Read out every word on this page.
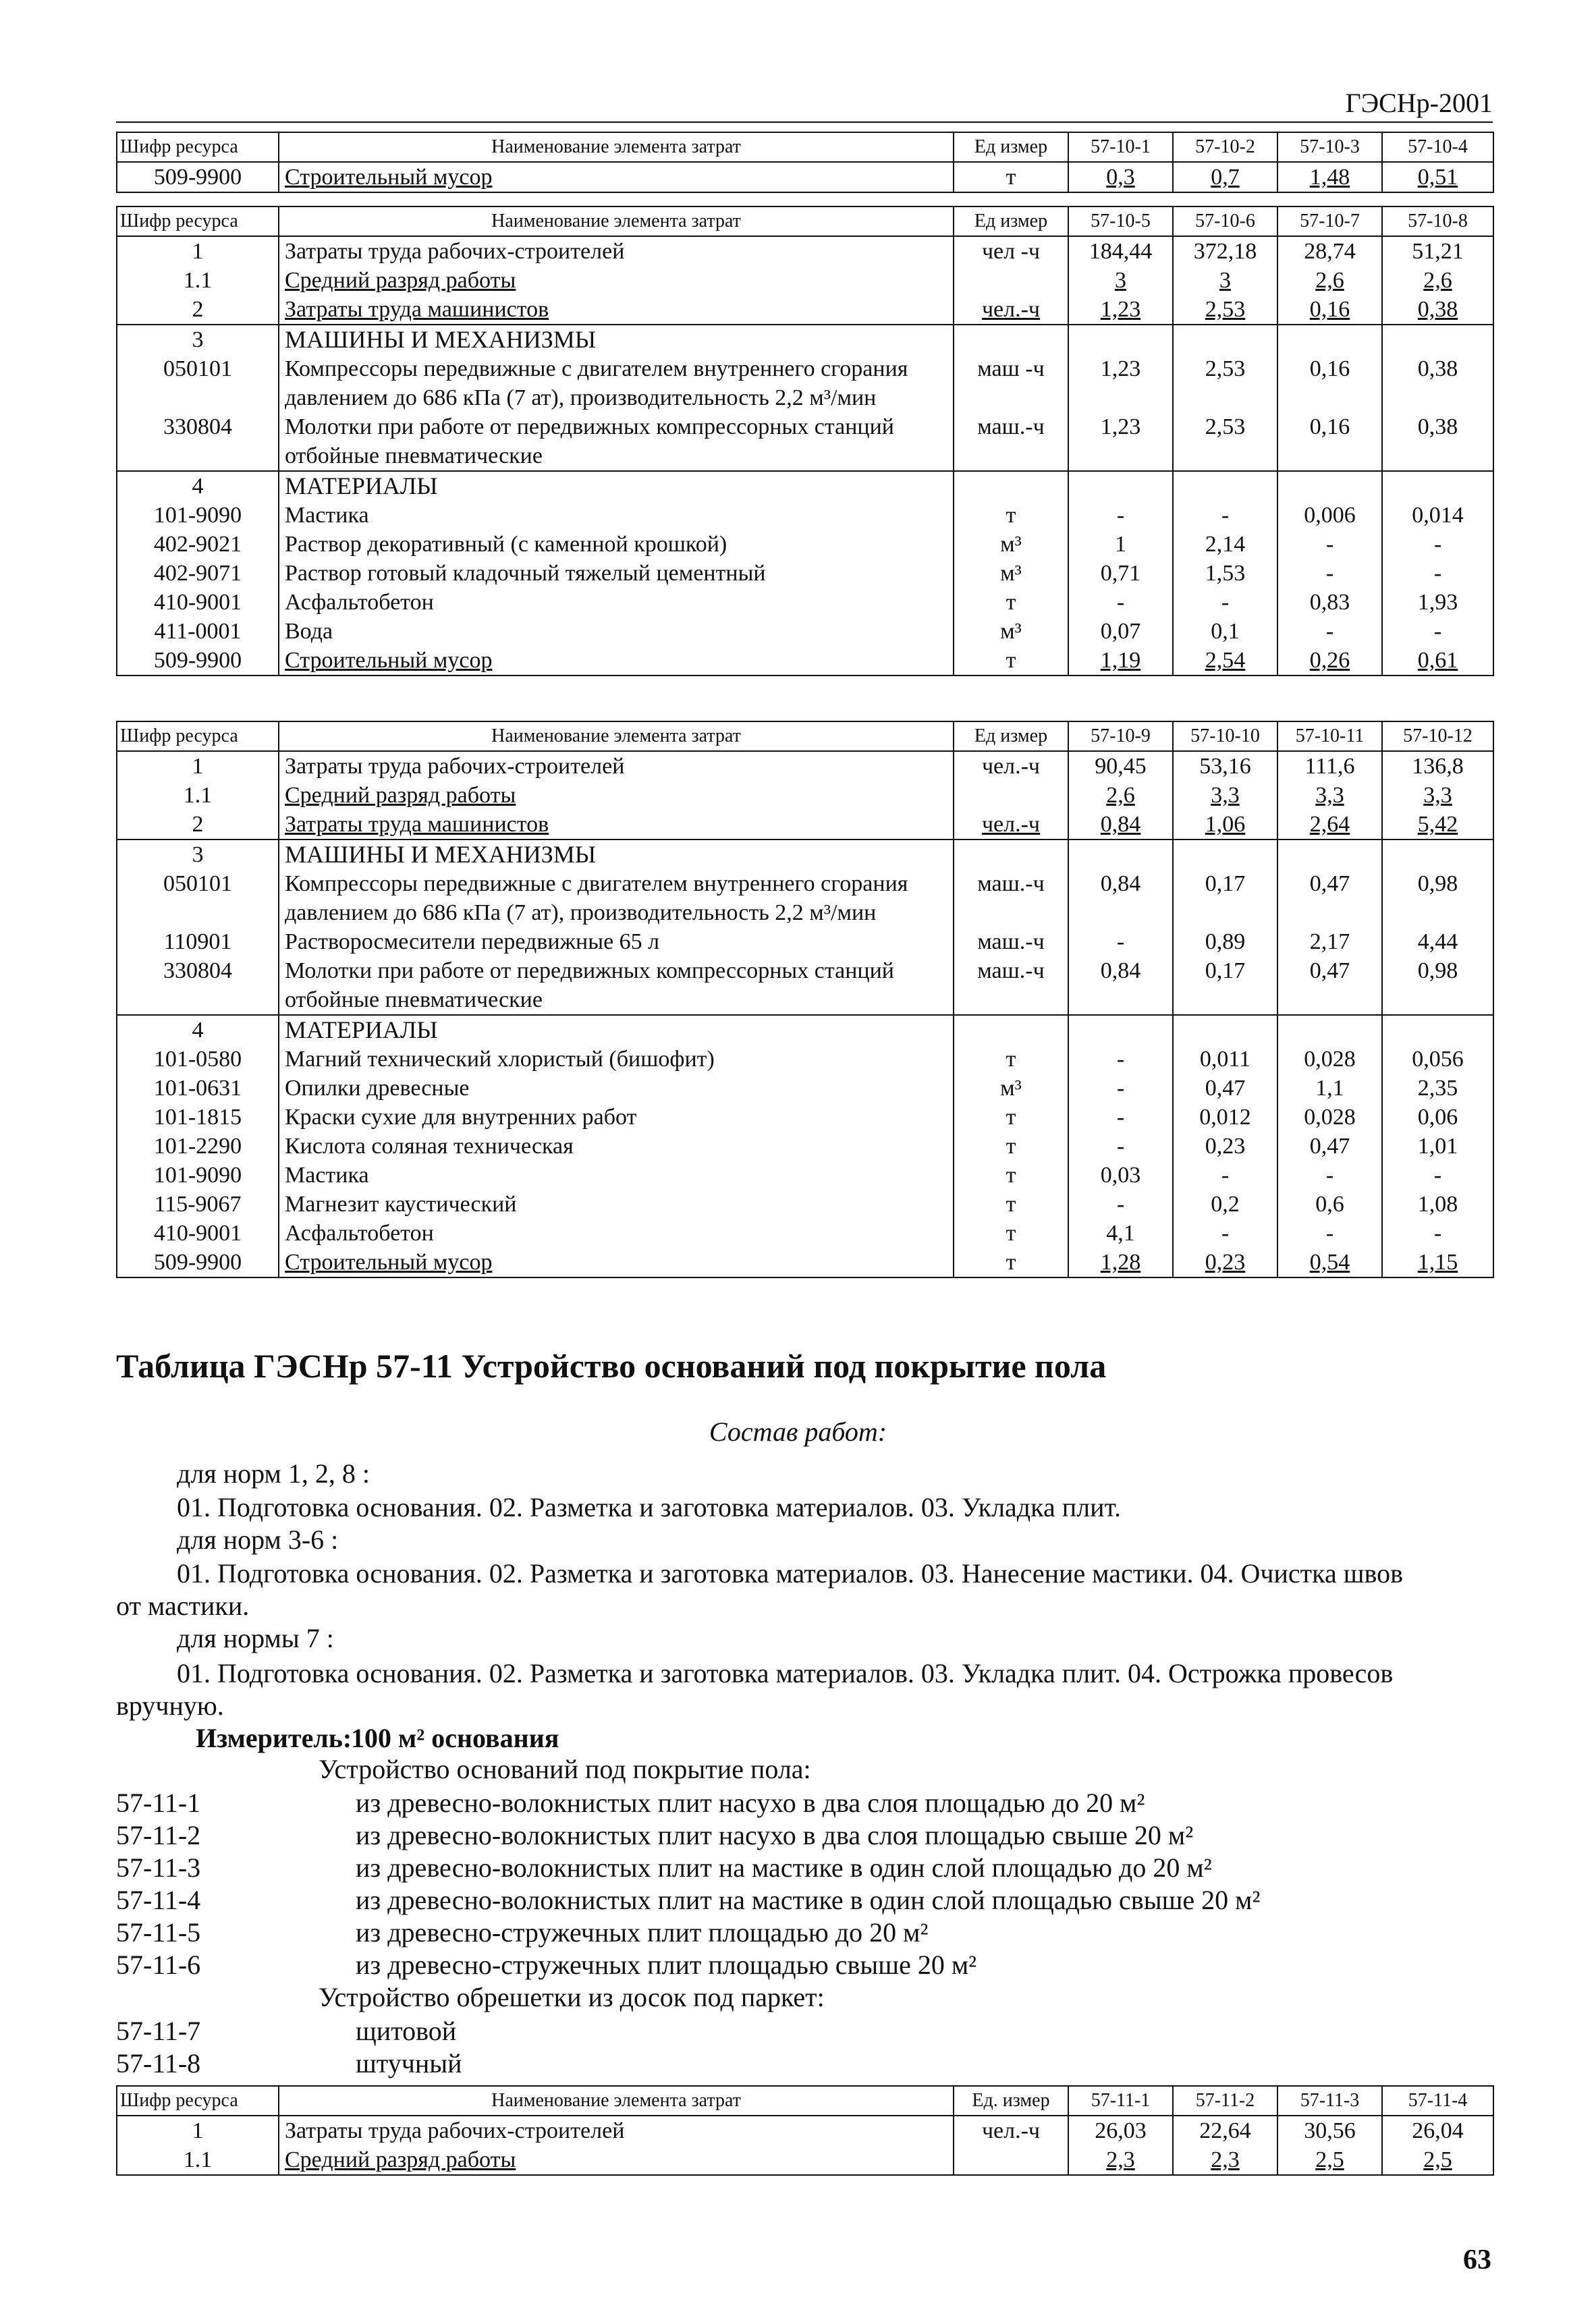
ГЭСНр-2001
Шифр ресурса	Наименование элемента затрат	Ед измер	57-10-1	57-10-2	57-10-3	57-10-4
509-9900	Строительный мусор	т	0,3	0,7	1,48	0,51
Шифр ресурса	Наименование элемента затрат	Ед измер	57-10-5	57-10-6	57-10-7	57-10-8
1	Затраты труда рабочих-строителей	чел -ч	184,44	372,18	28,74	51,21
1.1	Средний разряд работы		3	3	2,6	2,6
2	Затраты труда машинистов	чел.-ч	1,23	2,53	0,16	0,38
3	МАШИНЫ И МЕХАНИЗМЫ					
050101	Компрессоры передвижные с двигателем внутреннего сгорания давлением до 686 кПа (7 ат), производительность 2,2 м³/мин	маш -ч	1,23	2,53	0,16	0,38
330804	Молотки при работе от передвижных компрессорных станций отбойные пневматические	маш.-ч	1,23	2,53	0,16	0,38
4	МАТЕРИАЛЫ					
101-9090	Мастика	т	-	-	0,006	0,014
402-9021	Раствор декоративный (с каменной крошкой)	м³	1	2,14	-	-
402-9071	Раствор готовый кладочный тяжелый цементный	м³	0,71	1,53	-	-
410-9001	Асфальтобетон	т	-	-	0,83	1,93
411-0001	Вода	м³	0,07	0,1	-	-
509-9900	Строительный мусор	т	1,19	2,54	0,26	0,61
Шифр ресурса	Наименование элемента затрат	Ед измер	57-10-9	57-10-10	57-10-11	57-10-12
1	Затраты труда рабочих-строителей	чел.-ч	90,45	53,16	111,6	136,8
1.1	Средний разряд работы		2,6	3,3	3,3	3,3
2	Затраты труда машинистов	чел.-ч	0,84	1,06	2,64	5,42
3	МАШИНЫ И МЕХАНИЗМЫ					
050101	Компрессоры передвижные с двигателем внутреннего сгорания давлением до 686 кПа (7 ат), производительность 2,2 м³/мин	маш.-ч	0,84	0,17	0,47	0,98
110901	Растворосмесители передвижные 65 л	маш.-ч	-	0,89	2,17	4,44
330804	Молотки при работе от передвижных компрессорных станций отбойные пневматические	маш.-ч	0,84	0,17	0,47	0,98
4	МАТЕРИАЛЫ					
101-0580	Магний технический хлористый (бишофит)	т	-	0,011	0,028	0,056
101-0631	Опилки древесные	м³	-	0,47	1,1	2,35
101-1815	Краски сухие для внутренних работ	т	-	0,012	0,028	0,06
101-2290	Кислота соляная техническая	т	-	0,23	0,47	1,01
101-9090	Мастика	т	0,03	-	-	-
115-9067	Магнезит каустический	т	-	0,2	0,6	1,08
410-9001	Асфальтобетон	т	4,1	-	-	-
509-9900	Строительный мусор	т	1,28	0,23	0,54	1,15
Таблица ГЭСНр 57-11 Устройство оснований под покрытие пола
Состав работ:
для норм 1, 2, 8 :
01. Подготовка основания. 02. Разметка и заготовка материалов. 03. Укладка плит.
для норм 3-6 :
01. Подготовка основания. 02. Разметка и заготовка материалов. 03. Нанесение мастики. 04. Очистка швов
от мастики.
для нормы 7 :
01. Подготовка основания. 02. Разметка и заготовка материалов. 03. Укладка плит. 04. Острожка провесов
вручную.
Измеритель: 100 м² основания
Устройство оснований под покрытие пола:
57-11-1	из древесно-волокнистых плит насухо в два слоя площадью до 20 м²
57-11-2	из древесно-волокнистых плит насухо в два слоя площадью свыше 20 м²
57-11-3	из древесно-волокнистых плит на мастике в один слой площадью до 20 м²
57-11-4	из древесно-волокнистых плит на мастике в один слой площадью свыше 20 м²
57-11-5	из древесно-стружечных плит площадью до 20 м²
57-11-6	из древесно-стружечных плит площадью свыше 20 м²
Устройство обрешетки из досок под паркет:
57-11-7	щитовой
57-11-8	штучный
Шифр ресурса	Наименование элемента затрат	Ед. измер	57-11-1	57-11-2	57-11-3	57-11-4
1	Затраты труда рабочих-строителей	чел.-ч	26,03	22,64	30,56	26,04
1.1	Средний разряд работы		2,3	2,3	2,5	2,5
63
